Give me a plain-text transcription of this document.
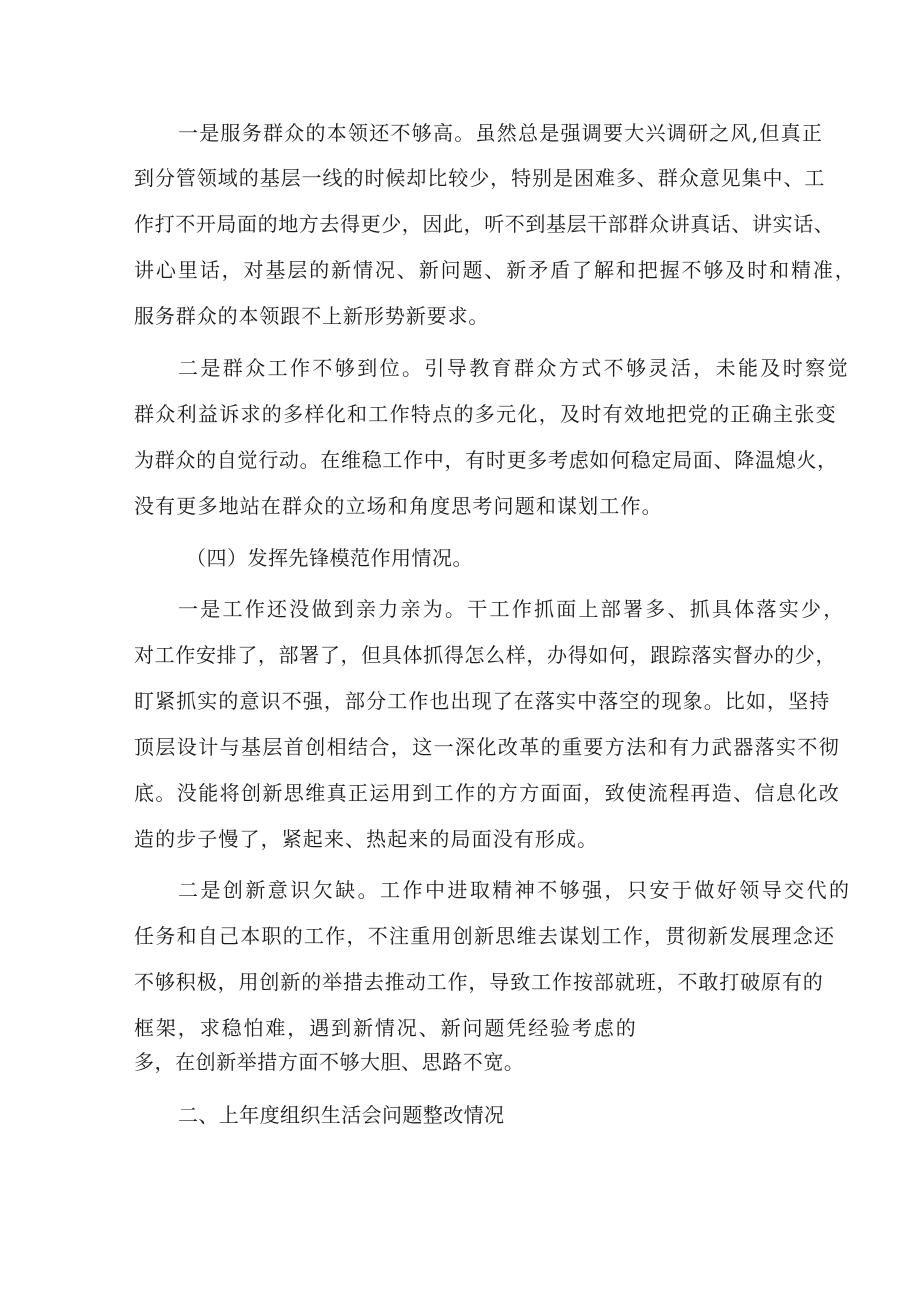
一是服务群众的本领还不够高。虽然总是强调要大兴调研之风,但真正
到分管领域的基层一线的时候却比较少，特别是困难多、群众意见集中、工
作打不开局面的地方去得更少，因此，听不到基层干部群众讲真话、讲实话、
讲心里话，对基层的新情况、新问题、新矛盾了解和把握不够及时和精准，
服务群众的本领跟不上新形势新要求。
二是群众工作不够到位。引导教育群众方式不够灵活，未能及时察觉
群众利益诉求的多样化和工作特点的多元化，及时有效地把党的正确主张变
为群众的自觉行动。在维稳工作中，有时更多考虑如何稳定局面、降温熄火，
没有更多地站在群众的立场和角度思考问题和谋划工作。
（四）发挥先锋模范作用情况。
一是工作还没做到亲力亲为。干工作抓面上部署多、抓具体落实少，
对工作安排了，部署了，但具体抓得怎么样，办得如何，跟踪落实督办的少，
盯紧抓实的意识不强，部分工作也出现了在落实中落空的现象。比如，坚持
顶层设计与基层首创相结合，这一深化改革的重要方法和有力武器落实不彻
底。没能将创新思维真正运用到工作的方方面面，致使流程再造、信息化改
造的步子慢了，紧起来、热起来的局面没有形成。
二是创新意识欠缺。工作中进取精神不够强，只安于做好领导交代的
任务和自己本职的工作，不注重用创新思维去谋划工作，贯彻新发展理念还
不够积极，用创新的举措去推动工作，导致工作按部就班，不敢打破原有的
框架，求稳怕难，遇到新情况、新问题凭经验考虑的
多，在创新举措方面不够大胆、思路不宽。
二、上年度组织生活会问题整改情况
